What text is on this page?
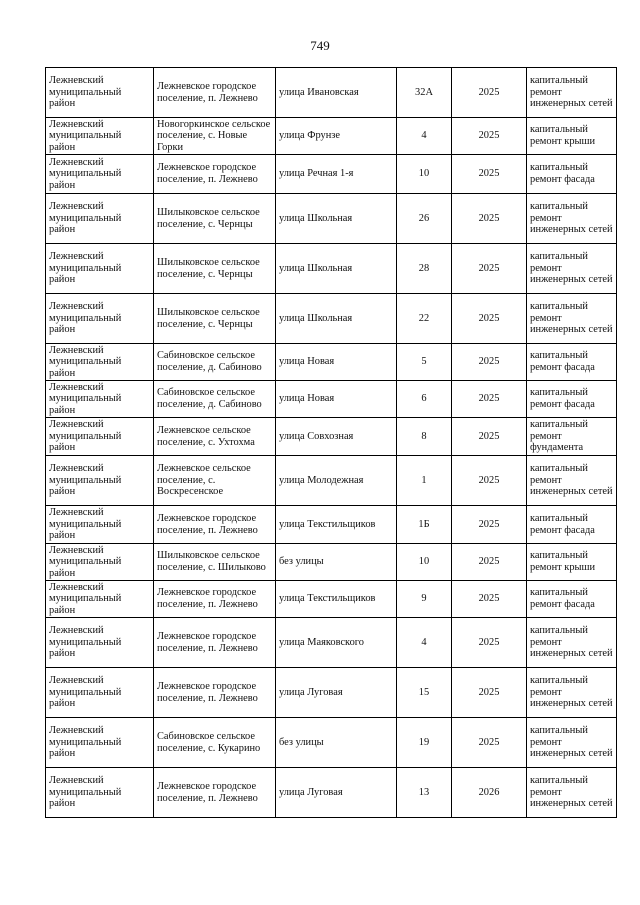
749
Лежневский муниципальный район	Лежневское городское поселение, п. Лежнево	улица Ивановская	32А	2025	капитальный ремонт инженерных сетей
Лежневский муниципальный район	Новогоркинское сельское поселение, с. Новые Горки	улица Фрунзе	4	2025	капитальный ремонт крыши
Лежневский муниципальный район	Лежневское городское поселение, п. Лежнево	улица Речная 1-я	10	2025	капитальный ремонт фасада
Лежневский муниципальный район	Шилыковское сельское поселение, с. Чернцы	улица Школьная	26	2025	капитальный ремонт инженерных сетей
Лежневский муниципальный район	Шилыковское сельское поселение, с. Чернцы	улица Школьная	28	2025	капитальный ремонт инженерных сетей
Лежневский муниципальный район	Шилыковское сельское поселение, с. Чернцы	улица Школьная	22	2025	капитальный ремонт инженерных сетей
Лежневский муниципальный район	Сабиновское сельское поселение, д. Сабиново	улица Новая	5	2025	капитальный ремонт фасада
Лежневский муниципальный район	Сабиновское сельское поселение, д. Сабиново	улица Новая	6	2025	капитальный ремонт фасада
Лежневский муниципальный район	Лежневское сельское поселение, с. Ухтохма	улица Совхозная	8	2025	капитальный ремонт фундамента
Лежневский муниципальный район	Лежневское сельское поселение, с. Воскресенское	улица Молодежная	1	2025	капитальный ремонт инженерных сетей
Лежневский муниципальный район	Лежневское городское поселение, п. Лежнево	улица Текстильщиков	1Б	2025	капитальный ремонт фасада
Лежневский муниципальный район	Шилыковское сельское поселение, с. Шилыково	без улицы	10	2025	капитальный ремонт крыши
Лежневский муниципальный район	Лежневское городское поселение, п. Лежнево	улица Текстильщиков	9	2025	капитальный ремонт фасада
Лежневский муниципальный район	Лежневское городское поселение, п. Лежнево	улица Маяковского	4	2025	капитальный ремонт инженерных сетей
Лежневский муниципальный район	Лежневское городское поселение, п. Лежнево	улица Луговая	15	2025	капитальный ремонт инженерных сетей
Лежневский муниципальный район	Сабиновское сельское поселение, с. Кукарино	без улицы	19	2025	капитальный ремонт инженерных сетей
Лежневский муниципальный район	Лежневское городское поселение, п. Лежнево	улица Луговая	13	2026	капитальный ремонт инженерных сетей
